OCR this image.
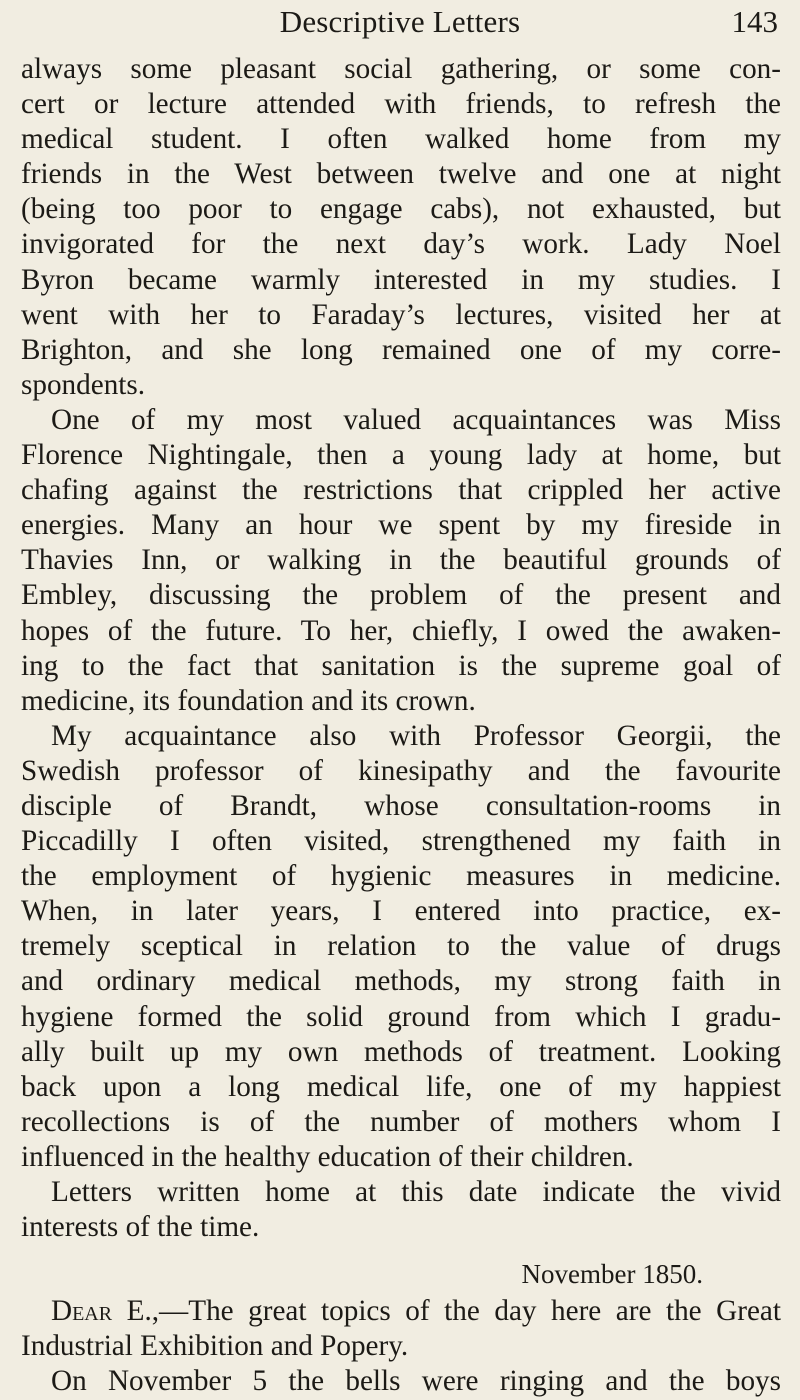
Descriptive Letters	143
always some pleasant social gathering, or some con-
cert or lecture attended with friends, to refresh the
medical student. I often walked home from my
friends in the West between twelve and one at night
(being too poor to engage cabs), not exhausted, but
invigorated for the next day’s work. Lady Noel
Byron became warmly interested in my studies. I
went with her to Faraday’s lectures, visited her at
Brighton, and she long remained one of my corre-
spondents.
One of my most valued acquaintances was Miss
Florence Nightingale, then a young lady at home, but
chafing against the restrictions that crippled her active
energies. Many an hour we spent by my fireside in
Thavies Inn, or walking in the beautiful grounds of
Embley, discussing the problem of the present and
hopes of the future. To her, chiefly, I owed the awaken-
ing to the fact that sanitation is the supreme goal of
medicine, its foundation and its crown.
My acquaintance also with Professor Georgii, the
Swedish professor of kinesipathy and the favourite
disciple of Brandt, whose consultation-rooms in
Piccadilly I often visited, strengthened my faith in
the employment of hygienic measures in medicine.
When, in later years, I entered into practice, ex-
tremely sceptical in relation to the value of drugs
and ordinary medical methods, my strong faith in
hygiene formed the solid ground from which I gradu-
ally built up my own methods of treatment. Looking
back upon a long medical life, one of my happiest
recollections is of the number of mothers whom I
influenced in the healthy education of their children.
Letters written home at this date indicate the vivid
interests of the time.
November 1850.
Dear E.,—The great topics of the day here are the Great
Industrial Exhibition and Popery.
On November 5 the bells were ringing and the boys
